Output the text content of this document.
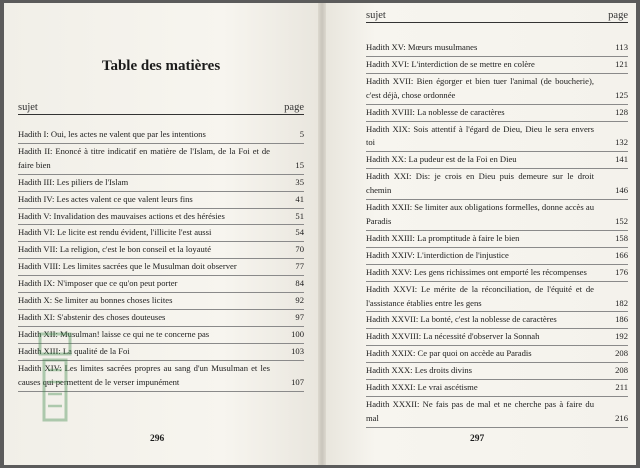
Table des matières
sujet	page
sujet	page
Hadith I: Oui, les actes ne valent que par les intentions	5
Hadith II: Enoncé à titre indicatif en matière de l'Islam, de la Foi et de faire bien	15
Hadith III: Les piliers de l'Islam	35
Hadith IV: Les actes valent ce que valent leurs fins	41
Hadith V: Invalidation des mauvaises actions et des hérésies	51
Hadith VI: Le licite est rendu évident, l'illicite l'est aussi	54
Hadith VII: La religion, c'est le bon conseil et la loyauté	70
Hadith VIII: Les limites sacrées que le Musulman doit observer	77
Hadith IX: N'imposer que ce qu'on peut porter	84
Hadith X: Se limiter au bonnes choses licites	92
Hadith XI: S'abstenir des choses douteuses	97
Hadith XII: Musulman! laisse ce qui ne te concerne pas	100
Hadith XIII: La qualité de la Foi	103
Hadith XIV: Les limites sacrées propres au sang d'un Musulman et les causes qui permettent de le verser impunément	107
Hadith XV: Mœurs musulmanes	113
Hadith XVI: L'interdiction de se mettre en colère	121
Hadith XVII: Bien égorger et bien tuer l'animal (de boucherie), c'est déjà, chose ordonnée	125
Hadith XVIII: La noblesse de caractères	128
Hadith XIX: Sois attentif à l'égard de Dieu, Dieu le sera envers toi	132
Hadith XX: La pudeur est de la Foi en Dieu	141
Hadith XXI: Dis: je crois en Dieu puis demeure sur le droit chemin	146
Hadith XXII: Se limiter aux obligations formelles, donne accès au Paradis	152
Hadith XXIII: La promptitude à faire le bien	158
Hadith XXIV: L'interdiction de l'injustice	166
Hadith XXV: Les gens richissimes ont emporté les récompenses	176
Hadith XXVI: Le mérite de la réconciliation, de l'équité et de l'assistance établies entre les gens	182
Hadith XXVII: La bonté, c'est la noblesse de caractères	186
Hadith XXVIII: La nécessité d'observer la Sonnah	192
Hadith XXIX: Ce par quoi on accède au Paradis	208
Hadith XXX: Les droits divins	208
Hadith XXXI: Le vrai ascétisme	211
Hadith XXXII: Ne fais pas de mal et ne cherche pas à faire du mal	216
296	297
